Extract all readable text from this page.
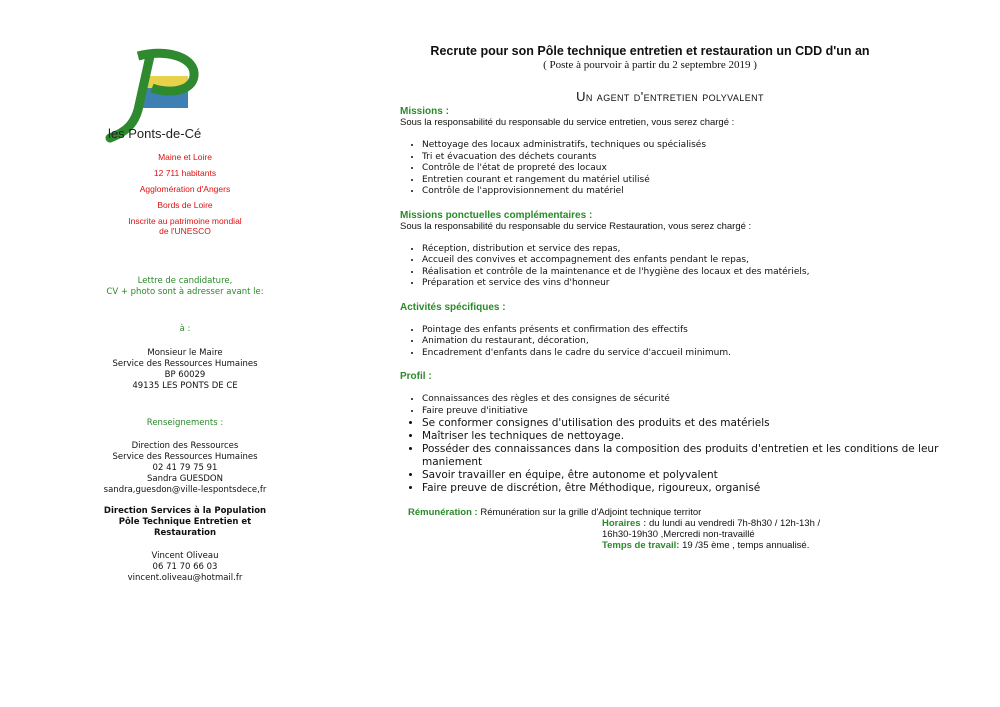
les Ponts-de-Cé
Maine et Loire
12 711 habitants
Agglomération d'Angers
Bords de Loire
Inscrite au patrimoine mondial de l'UNESCO
Lettre de candidature,
CV + photo sont à adresser avant le:
à :
Monsieur le Maire
Service des Ressources Humaines
BP 60029
49135 LES PONTS DE CE
Renseignements :
Direction des Ressources
Service des Ressources Humaines
02 41 79 75 91
Sandra GUESDON
sandra,guesdon@ville-lespontsdece,fr
Direction Services à la Population
Pôle Technique Entretien et
Restauration
Vincent Oliveau
06 71 70 66 03
vincent.oliveau@hotmail.fr
Recrute pour son Pôle technique entretien et restauration un CDD d'un an
( Poste à pourvoir à partir du 2 septembre 2019 )
Un agent d'entretien polyvalent

Missions :

Sous la responsabilité du responsable du service entretien, vous serez chargé :

• Nettoyage des locaux administratifs, techniques ou spécialisés
• Tri et évacuation des déchets courants
• Contrôle de l'état de propreté des locaux
• Entretien courant et rangement du matériel utilisé
• Contrôle de l'approvisionnement du matériel

Missions ponctuelles complémentaires :

Sous la responsabilité du responsable du service Restauration, vous serez chargé :

• Réception, distribution et service des repas,
• Accueil des convives et accompagnement des enfants pendant le repas,
• Réalisation et contrôle de la maintenance et de l'hygiène des locaux et des matériels,
• Préparation et service des vins d'honneur

Activités spécifiques :

• Pointage des enfants présents et confirmation des effectifs
• Animation du restaurant, décoration,
• Encadrement d'enfants dans le cadre du service d'accueil minimum.

Profil :

• Connaissances des règles et des consignes de sécurité
• Faire preuve d'initiative
• Se conformer consignes d'utilisation des produits et des matériels
• Maîtriser les techniques de nettoyage.
• Posséder des connaissances dans la composition des produits d'entretien et les conditions de leur maniement
• Savoir travailler en équipe, être autonome et polyvalent
• Faire preuve de discrétion, être Méthodique, rigoureux, organisé
Rémunération : Rémunération sur la grille d'Adjoint technique territor
Horaires : du lundi au vendredi 7h-8h30 / 12h-13h /
16h30-19h30 ,Mercredi non-travaillé
Temps de travail: 19 /35 ème , temps annualisé.
